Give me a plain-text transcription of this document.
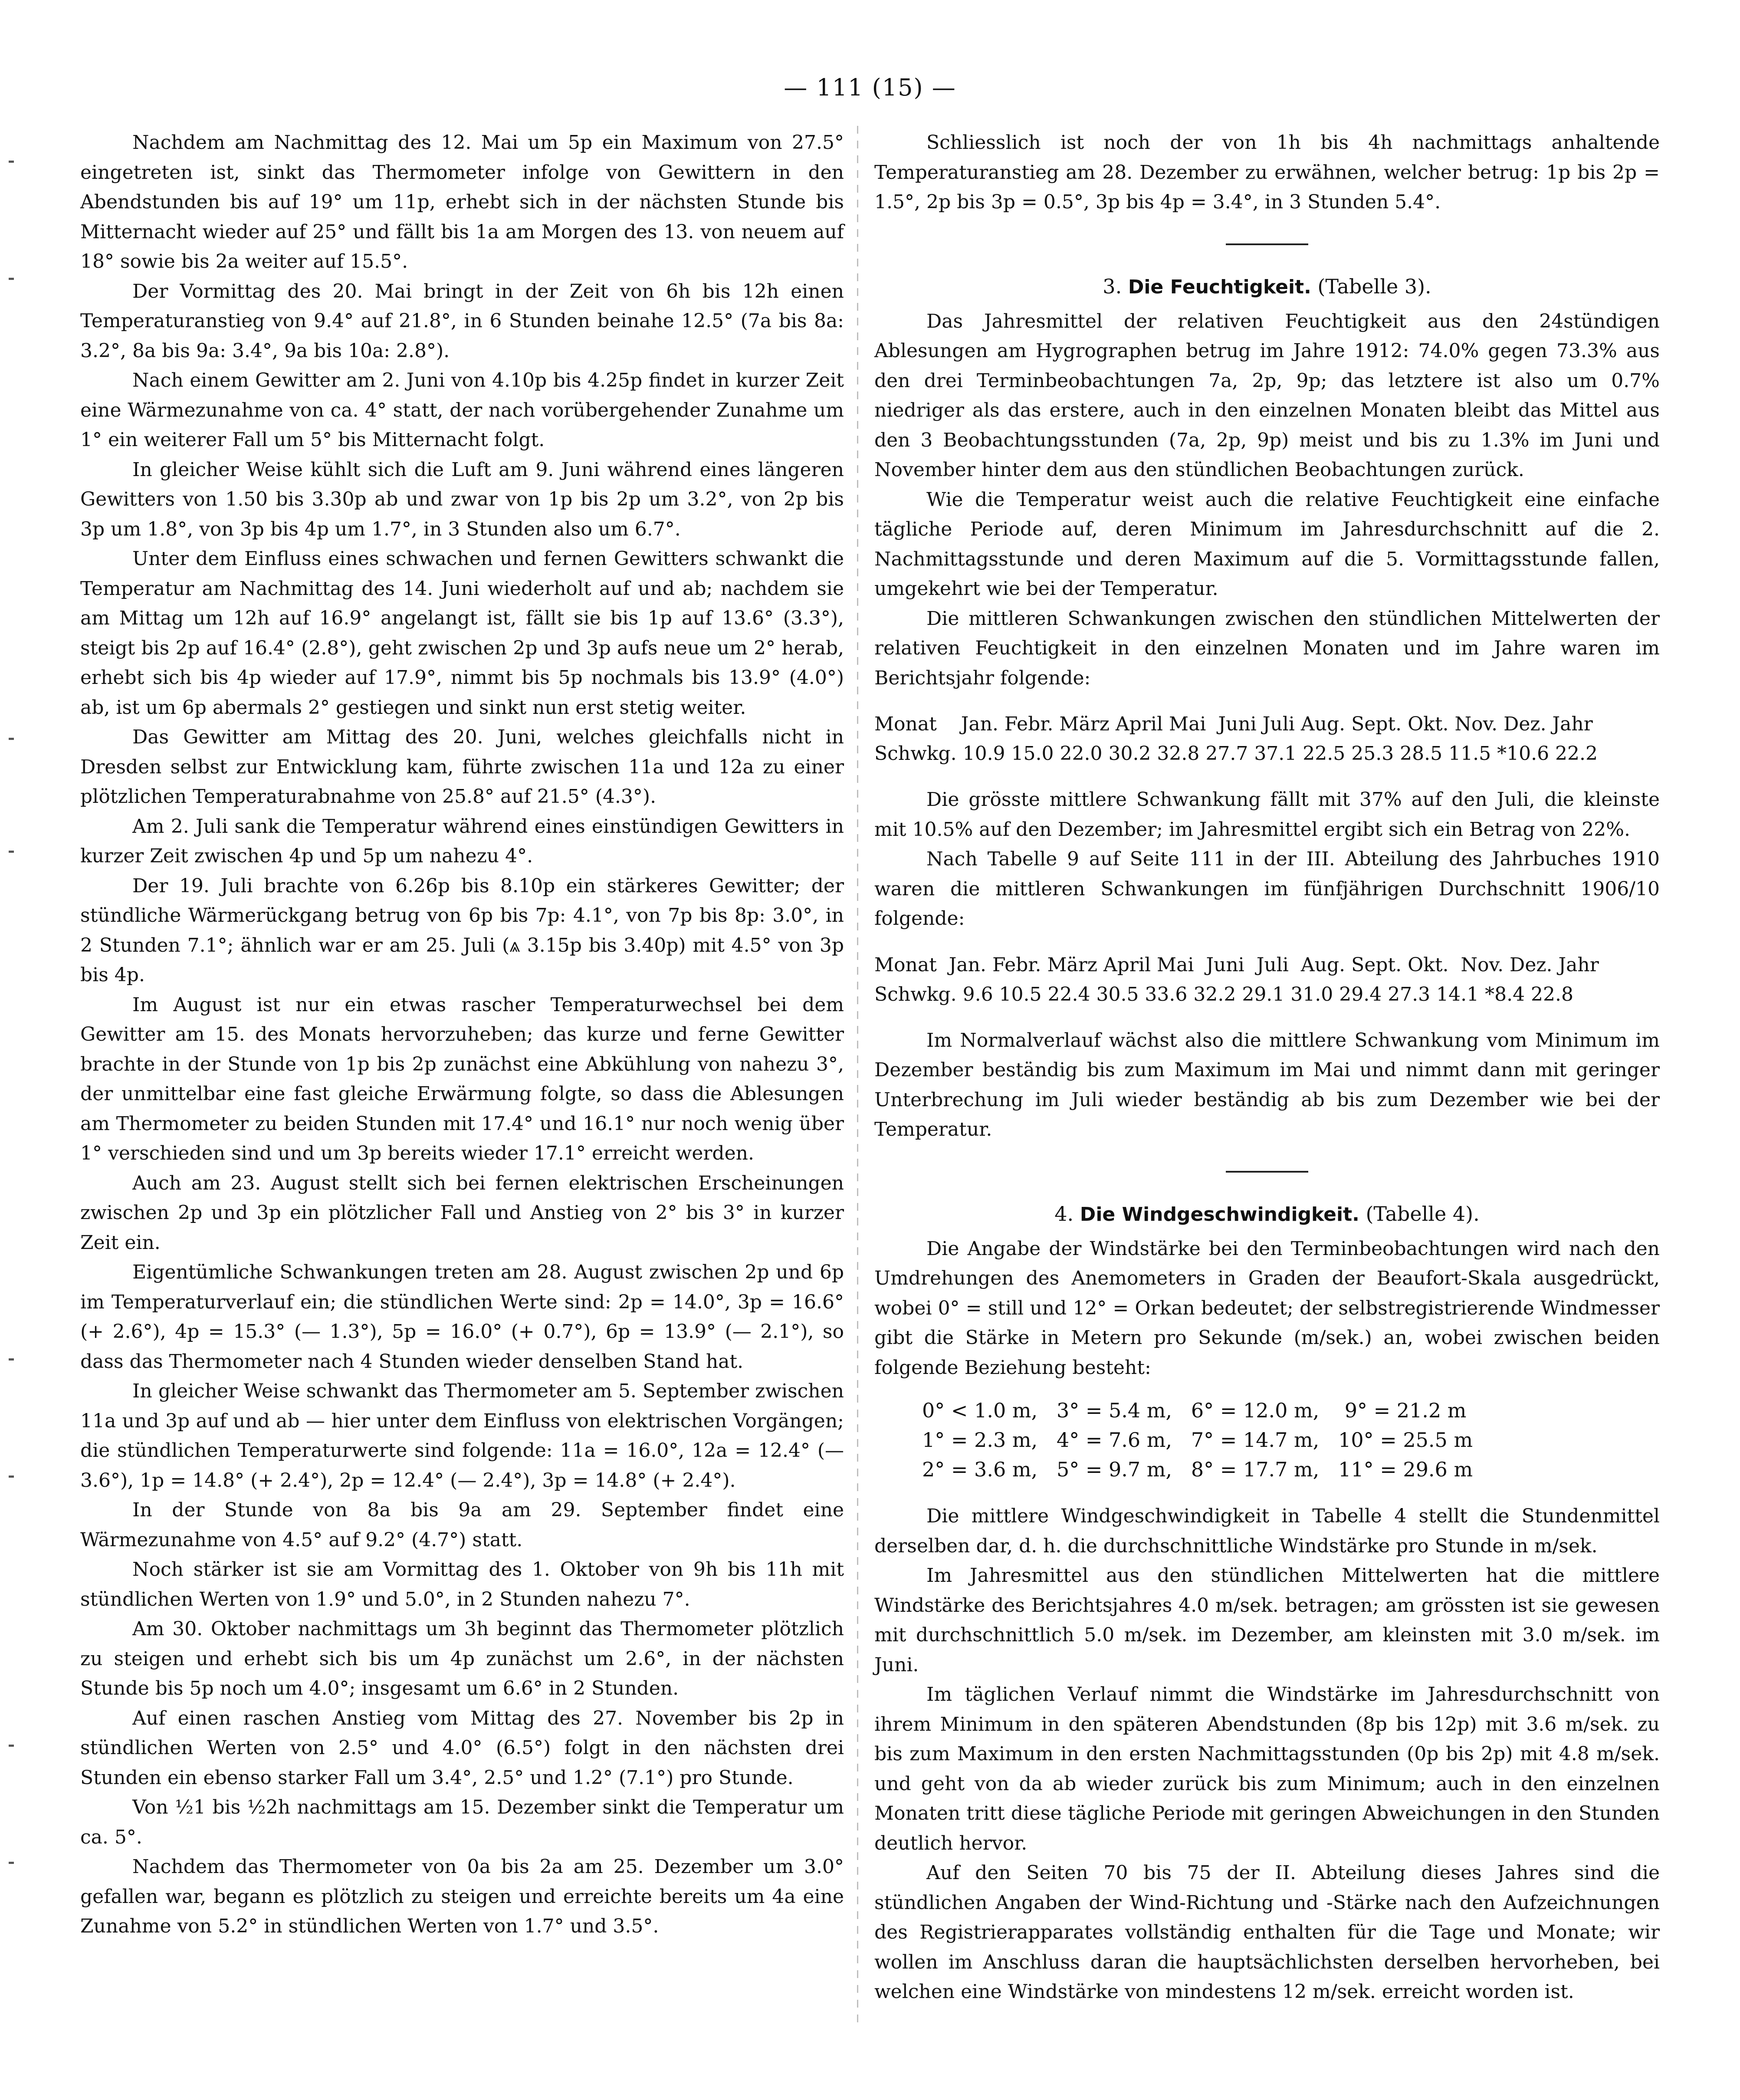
— 111 (15) —

Nachdem am Nachmittag des 12. Mai um 5p ein Maximum von 27.5° eingetreten ist, sinkt das Thermometer infolge von Gewittern in den Abendstunden bis auf 19° um 11p, erhebt sich in der nächsten Stunde bis Mitternacht wieder auf 25° und fällt bis 1a am Morgen des 13. von neuem auf 18° sowie bis 2a weiter auf 15.5°.

Der Vormittag des 20. Mai bringt in der Zeit von 6h bis 12h einen Temperaturanstieg von 9.4° auf 21.8°, in 6 Stunden beinahe 12.5° (7a bis 8a: 3.2°, 8a bis 9a: 3.4°, 9a bis 10a: 2.8°).

Nach einem Gewitter am 2. Juni von 4.10p bis 4.25p findet in kurzer Zeit eine Wärmezunahme von ca. 4° statt, der nach vorübergehender Zunahme um 1° ein weiterer Fall um 5° bis Mitternacht folgt.

In gleicher Weise kühlt sich die Luft am 9. Juni während eines längeren Gewitters von 1.50 bis 3.30p ab und zwar von 1p bis 2p um 3.2°, von 2p bis 3p um 1.8°, von 3p bis 4p um 1.7°, in 3 Stunden also um 6.7°.

Unter dem Einfluss eines schwachen und fernen Gewitters schwankt die Temperatur am Nachmittag des 14. Juni wiederholt auf und ab; nachdem sie am Mittag um 12h auf 16.9° angelangt ist, fällt sie bis 1p auf 13.6° (3.3°), steigt bis 2p auf 16.4° (2.8°), geht zwischen 2p und 3p aufs neue um 2° herab, erhebt sich bis 4p wieder auf 17.9°, nimmt bis 5p nochmals bis 13.9° (4.0°) ab, ist um 6p abermals 2° gestiegen und sinkt nun erst stetig weiter.

Das Gewitter am Mittag des 20. Juni, welches gleichfalls nicht in Dresden selbst zur Entwicklung kam, führte zwischen 11a und 12a zu einer plötzlichen Temperaturabnahme von 25.8° auf 21.5° (4.3°).

Am 2. Juli sank die Temperatur während eines einstündigen Gewitters in kurzer Zeit zwischen 4p und 5p um nahezu 4°.

Der 19. Juli brachte von 6.26p bis 8.10p ein stärkeres Gewitter; der stündliche Wärmerückgang betrug von 6p bis 7p: 4.1°, von 7p bis 8p: 3.0°, in 2 Stunden 7.1°; ähnlich war er am 25. Juli (⩓ 3.15p bis 3.40p) mit 4.5° von 3p bis 4p.

Im August ist nur ein etwas rascher Temperaturwechsel bei dem Gewitter am 15. des Monats hervorzuheben; das kurze und ferne Gewitter brachte in der Stunde von 1p bis 2p zunächst eine Abkühlung von nahezu 3°, der unmittelbar eine fast gleiche Erwärmung folgte, so dass die Ablesungen am Thermometer zu beiden Stunden mit 17.4° und 16.1° nur noch wenig über 1° verschieden sind und um 3p bereits wieder 17.1° erreicht werden.

Auch am 23. August stellt sich bei fernen elektrischen Erscheinungen zwischen 2p und 3p ein plötzlicher Fall und Anstieg von 2° bis 3° in kurzer Zeit ein.

Eigentümliche Schwankungen treten am 28. August zwischen 2p und 6p im Temperaturverlauf ein; die stündlichen Werte sind: 2p = 14.0°, 3p = 16.6° (+ 2.6°), 4p = 15.3° (— 1.3°), 5p = 16.0° (+ 0.7°), 6p = 13.9° (— 2.1°), so dass das Thermometer nach 4 Stunden wieder denselben Stand hat.

In gleicher Weise schwankt das Thermometer am 5. September zwischen 11a und 3p auf und ab — hier unter dem Einfluss von elektrischen Vorgängen; die stündlichen Temperaturwerte sind folgende: 11a = 16.0°, 12a = 12.4° (— 3.6°), 1p = 14.8° (+ 2.4°), 2p = 12.4° (— 2.4°), 3p = 14.8° (+ 2.4°).

In der Stunde von 8a bis 9a am 29. September findet eine Wärmezunahme von 4.5° auf 9.2° (4.7°) statt.

Noch stärker ist sie am Vormittag des 1. Oktober von 9h bis 11h mit stündlichen Werten von 1.9° und 5.0°, in 2 Stunden nahezu 7°.

Am 30. Oktober nachmittags um 3h beginnt das Thermometer plötzlich zu steigen und erhebt sich bis um 4p zunächst um 2.6°, in der nächsten Stunde bis 5p noch um 4.0°; insgesamt um 6.6° in 2 Stunden.

Auf einen raschen Anstieg vom Mittag des 27. November bis 2p in stündlichen Werten von 2.5° und 4.0° (6.5°) folgt in den nächsten drei Stunden ein ebenso starker Fall um 3.4°, 2.5° und 1.2° (7.1°) pro Stunde.

Von ½1 bis ½2h nachmittags am 15. Dezember sinkt die Temperatur um ca. 5°.

Nachdem das Thermometer von 0a bis 2a am 25. Dezember um 3.0° gefallen war, begann es plötzlich zu steigen und erreichte bereits um 4a eine Zunahme von 5.2° in stündlichen Werten von 1.7° und 3.5°.

Schliesslich ist noch der von 1h bis 4h nachmittags anhaltende Temperaturanstieg am 28. Dezember zu erwähnen, welcher betrug: 1p bis 2p = 1.5°, 2p bis 3p = 0.5°, 3p bis 4p = 3.4°, in 3 Stunden 5.4°.

3. Die Feuchtigkeit. (Tabelle 3).

Das Jahresmittel der relativen Feuchtigkeit aus den 24stündigen Ablesungen am Hygrographen betrug im Jahre 1912: 74.0% gegen 73.3% aus den drei Terminbeobachtungen 7a, 2p, 9p; das letztere ist also um 0.7% niedriger als das erstere, auch in den einzelnen Monaten bleibt das Mittel aus den 3 Beobachtungsstunden (7a, 2p, 9p) meist und bis zu 1.3% im Juni und November hinter dem aus den stündlichen Beobachtungen zurück.

Wie die Temperatur weist auch die relative Feuchtigkeit eine einfache tägliche Periode auf, deren Minimum im Jahresdurchschnitt auf die 2. Nachmittagsstunde und deren Maximum auf die 5. Vormittagsstunde fallen, umgekehrt wie bei der Temperatur.

Die mittleren Schwankungen zwischen den stündlichen Mittelwerten der relativen Feuchtigkeit in den einzelnen Monaten und im Jahre waren im Berichtsjahr folgende:

Monat    Jan. Febr. März April Mai  Juni Juli Aug. Sept. Okt. Nov. Dez. Jahr
Schwkg. 10.9 15.0 22.0 30.2 32.8 27.7 37.1 22.5 25.3 28.5 11.5 *10.6 22.2

Die grösste mittlere Schwankung fällt mit 37% auf den Juli, die kleinste mit 10.5% auf den Dezember; im Jahresmittel ergibt sich ein Betrag von 22%.

Nach Tabelle 9 auf Seite 111 in der III. Abteilung des Jahrbuches 1910 waren die mittleren Schwankungen im fünfjährigen Durchschnitt 1906/10 folgende:

Monat  Jan. Febr. März April Mai  Juni  Juli  Aug. Sept. Okt.  Nov. Dez. Jahr
Schwkg. 9.6 10.5 22.4 30.5 33.6 32.2 29.1 31.0 29.4 27.3 14.1 *8.4 22.8

Im Normalverlauf wächst also die mittlere Schwankung vom Minimum im Dezember beständig bis zum Maximum im Mai und nimmt dann mit geringer Unterbrechung im Juli wieder beständig ab bis zum Dezember wie bei der Temperatur.

4. Die Windgeschwindigkeit. (Tabelle 4).

Die Angabe der Windstärke bei den Terminbeobachtungen wird nach den Umdrehungen des Anemometers in Graden der Beaufort-Skala ausgedrückt, wobei 0° = still und 12° = Orkan bedeutet; der selbstregistrierende Windmesser gibt die Stärke in Metern pro Sekunde (m/sek.) an, wobei zwischen beiden folgende Beziehung besteht:

0° < 1.0 m,   3° = 5.4 m,   6° = 12.0 m,    9° = 21.2 m
1° = 2.3 m,   4° = 7.6 m,   7° = 14.7 m,   10° = 25.5 m
2° = 3.6 m,   5° = 9.7 m,   8° = 17.7 m,   11° = 29.6 m

Die mittlere Windgeschwindigkeit in Tabelle 4 stellt die Stundenmittel derselben dar, d. h. die durchschnittliche Windstärke pro Stunde in m/sek.

Im Jahresmittel aus den stündlichen Mittelwerten hat die mittlere Windstärke des Berichtsjahres 4.0 m/sek. betragen; am grössten ist sie gewesen mit durchschnittlich 5.0 m/sek. im Dezember, am kleinsten mit 3.0 m/sek. im Juni.

Im täglichen Verlauf nimmt die Windstärke im Jahresdurchschnitt von ihrem Minimum in den späteren Abendstunden (8p bis 12p) mit 3.6 m/sek. zu bis zum Maximum in den ersten Nachmittagsstunden (0p bis 2p) mit 4.8 m/sek. und geht von da ab wieder zurück bis zum Minimum; auch in den einzelnen Monaten tritt diese tägliche Periode mit geringen Abweichungen in den Stunden deutlich hervor.

Auf den Seiten 70 bis 75 der II. Abteilung dieses Jahres sind die stündlichen Angaben der Wind-Richtung und -Stärke nach den Aufzeichnungen des Registrierapparates vollständig enthalten für die Tage und Monate; wir wollen im Anschluss daran die hauptsächlichsten derselben hervorheben, bei welchen eine Windstärke von mindestens 12 m/sek. erreicht worden ist.
